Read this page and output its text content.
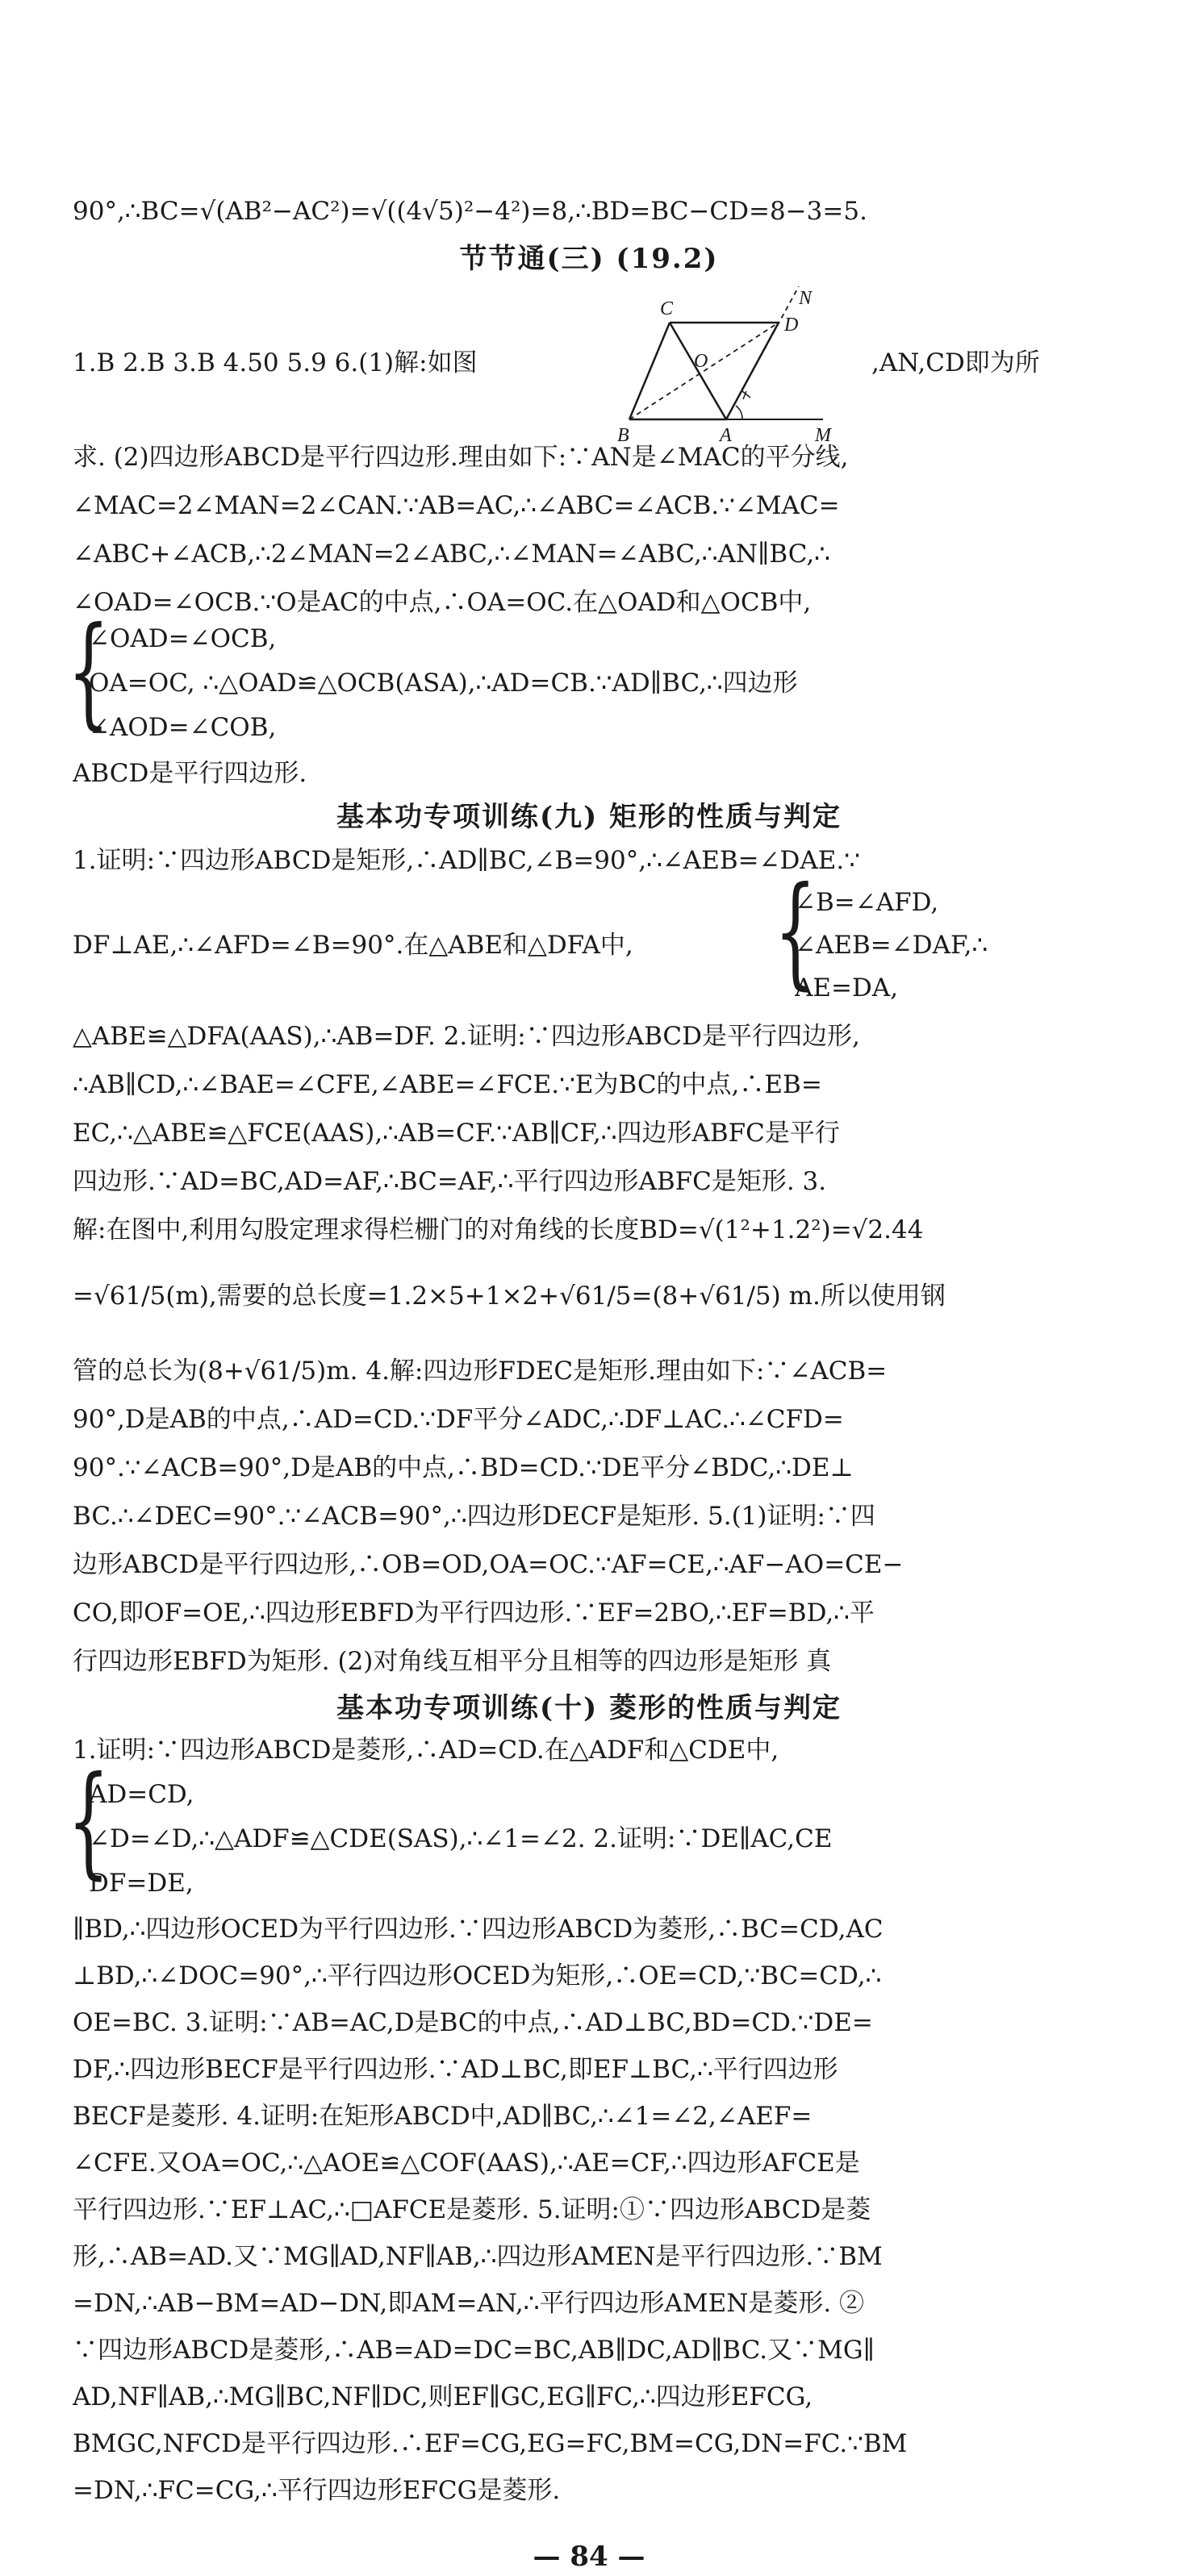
90°,∴BC=√(AB²−AC²)=√((4√5)²−4²)=8,∴BD=BC−CD=8−3=5.
节节通(三) (19.2)
1.B 2.B 3.B 4.50 5.9 6.(1)解:如图	,AN,CD即为所
C	N
D
O
B	A	M
求. (2)四边形ABCD是平行四边形.理由如下:∵AN是∠MAC的平分线,
∠MAC=2∠MAN=2∠CAN.∵AB=AC,∴∠ABC=∠ACB.∵∠MAC=
∠ABC+∠ACB,∴2∠MAN=2∠ABC,∴∠MAN=∠ABC,∴AN∥BC,∴
∠OAD=∠OCB.∵O是AC的中点,∴OA=OC.在△OAD和△OCB中,
{
∠OAD=∠OCB,
OA=OC, ∴△OAD≌△OCB(ASA),∴AD=CB.∵AD∥BC,∴四边形
∠AOD=∠COB,
ABCD是平行四边形.
基本功专项训练(九) 矩形的性质与判定
1.证明:∵四边形ABCD是矩形,∴AD∥BC,∠B=90°,∴∠AEB=∠DAE.∵
{
∠B=∠AFD,
DF⊥AE,∴∠AFD=∠B=90°.在△ABE和△DFA中,	∠AEB=∠DAF,∴
AE=DA,
△ABE≌△DFA(AAS),∴AB=DF. 2.证明:∵四边形ABCD是平行四边形,
∴AB∥CD,∴∠BAE=∠CFE,∠ABE=∠FCE.∵E为BC的中点,∴EB=
EC,∴△ABE≌△FCE(AAS),∴AB=CF.∵AB∥CF,∴四边形ABFC是平行
四边形.∵AD=BC,AD=AF,∴BC=AF,∴平行四边形ABFC是矩形. 3.
解:在图中,利用勾股定理求得栏栅门的对角线的长度BD=√(1²+1.2²)=√2.44
=√61/5(m),需要的总长度=1.2×5+1×2+√61/5=(8+√61/5) m.所以使用钢
管的总长为(8+√61/5)m. 4.解:四边形FDEC是矩形.理由如下:∵∠ACB=
90°,D是AB的中点,∴AD=CD.∵DF平分∠ADC,∴DF⊥AC.∴∠CFD=
90°.∵∠ACB=90°,D是AB的中点,∴BD=CD.∵DE平分∠BDC,∴DE⊥
BC.∴∠DEC=90°.∵∠ACB=90°,∴四边形DECF是矩形. 5.(1)证明:∵四
边形ABCD是平行四边形,∴OB=OD,OA=OC.∵AF=CE,∴AF−AO=CE−
CO,即OF=OE,∴四边形EBFD为平行四边形.∵EF=2BO,∴EF=BD,∴平
行四边形EBFD为矩形. (2)对角线互相平分且相等的四边形是矩形 真
基本功专项训练(十) 菱形的性质与判定
1.证明:∵四边形ABCD是菱形,∴AD=CD.在△ADF和△CDE中,
{
AD=CD,
∠D=∠D,∴△ADF≌△CDE(SAS),∴∠1=∠2. 2.证明:∵DE∥AC,CE
DF=DE,
∥BD,∴四边形OCED为平行四边形.∵四边形ABCD为菱形,∴BC=CD,AC
⊥BD,∴∠DOC=90°,∴平行四边形OCED为矩形,∴OE=CD,∵BC=CD,∴
OE=BC. 3.证明:∵AB=AC,D是BC的中点,∴AD⊥BC,BD=CD.∵DE=
DF,∴四边形BECF是平行四边形.∵AD⊥BC,即EF⊥BC,∴平行四边形
BECF是菱形. 4.证明:在矩形ABCD中,AD∥BC,∴∠1=∠2,∠AEF=
∠CFE.又OA=OC,∴△AOE≌△COF(AAS),∴AE=CF,∴四边形AFCE是
平行四边形.∵EF⊥AC,∴□AFCE是菱形. 5.证明:①∵四边形ABCD是菱
形,∴AB=AD.又∵MG∥AD,NF∥AB,∴四边形AMEN是平行四边形.∵BM
=DN,∴AB−BM=AD−DN,即AM=AN,∴平行四边形AMEN是菱形. ②
∵四边形ABCD是菱形,∴AB=AD=DC=BC,AB∥DC,AD∥BC.又∵MG∥
AD,NF∥AB,∴MG∥BC,NF∥DC,则EF∥GC,EG∥FC,∴四边形EFCG,
BMGC,NFCD是平行四边形.∴EF=CG,EG=FC,BM=CG,DN=FC.∵BM
=DN,∴FC=CG,∴平行四边形EFCG是菱形.
— 84 —
